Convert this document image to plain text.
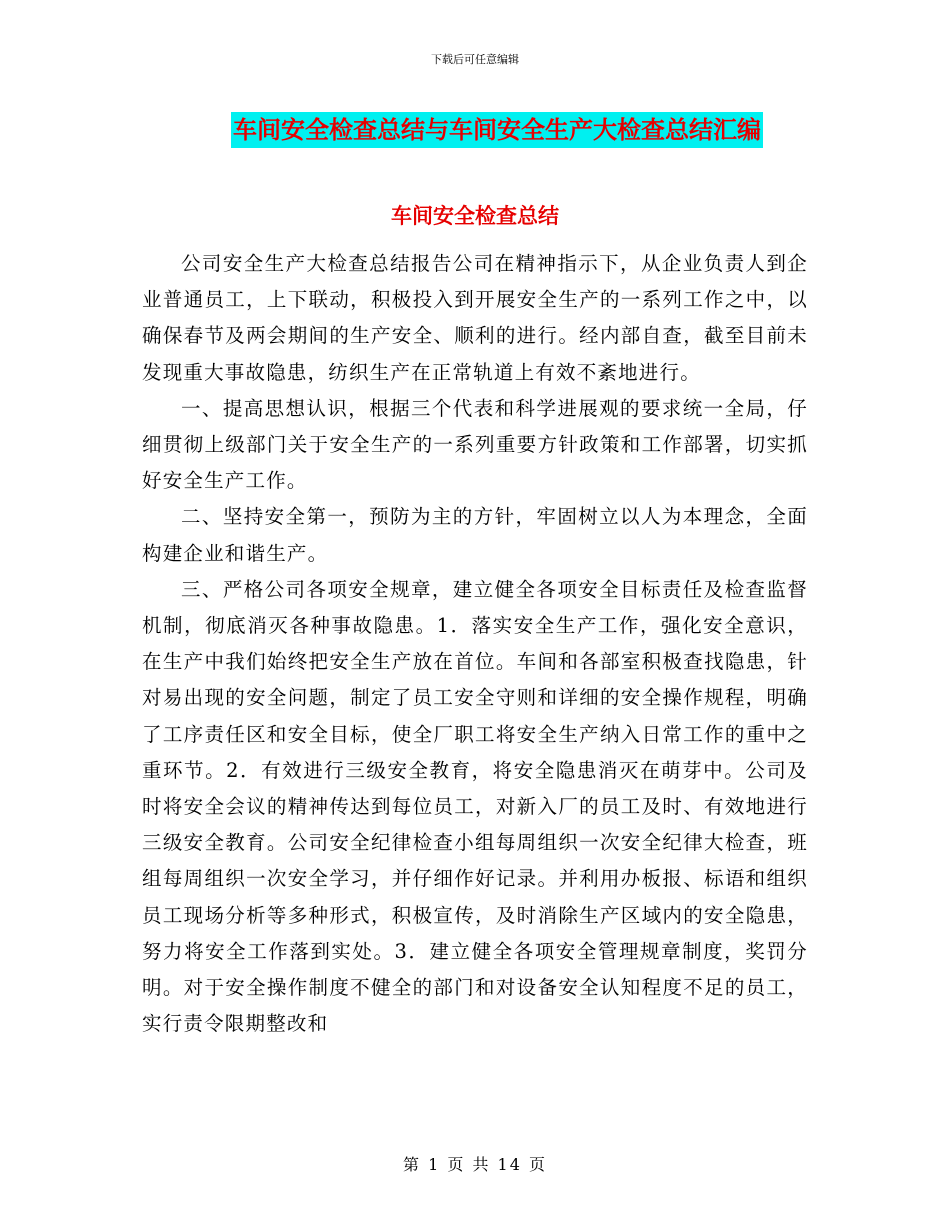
下载后可任意编辑
车间安全检查总结与车间安全生产大检查总结汇编
车间安全检查总结

公司安全生产大检查总结报告公司在精神指示下，从企业负责人到企业普通员工，上下联动，积极投入到开展安全生产的一系列工作之中，以确保春节及两会期间的生产安全、顺利的进行。经内部自查，截至目前未发现重大事故隐患，纺织生产在正常轨道上有效不紊地进行。

一、提高思想认识，根据三个代表和科学进展观的要求统一全局，仔细贯彻上级部门关于安全生产的一系列重要方针政策和工作部署，切实抓好安全生产工作。

二、坚持安全第一，预防为主的方针，牢固树立以人为本理念，全面构建企业和谐生产。

三、严格公司各项安全规章，建立健全各项安全目标责任及检查监督机制，彻底消灭各种事故隐患。1．落实安全生产工作，强化安全意识，在生产中我们始终把安全生产放在首位。车间和各部室积极查找隐患，针对易出现的安全问题，制定了员工安全守则和详细的安全操作规程，明确了工序责任区和安全目标，使全厂职工将安全生产纳入日常工作的重中之重环节。2．有效进行三级安全教育，将安全隐患消灭在萌芽中。公司及时将安全会议的精神传达到每位员工，对新入厂的员工及时、有效地进行三级安全教育。公司安全纪律检查小组每周组织一次安全纪律大检查，班组每周组织一次安全学习，并仔细作好记录。并利用办板报、标语和组织员工现场分析等多种形式，积极宣传，及时消除生产区域内的安全隐患，努力将安全工作落到实处。3．建立健全各项安全管理规章制度，奖罚分明。对于安全操作制度不健全的部门和对设备安全认知程度不足的员工，实行责令限期整改和

第 1 页 共 14 页
